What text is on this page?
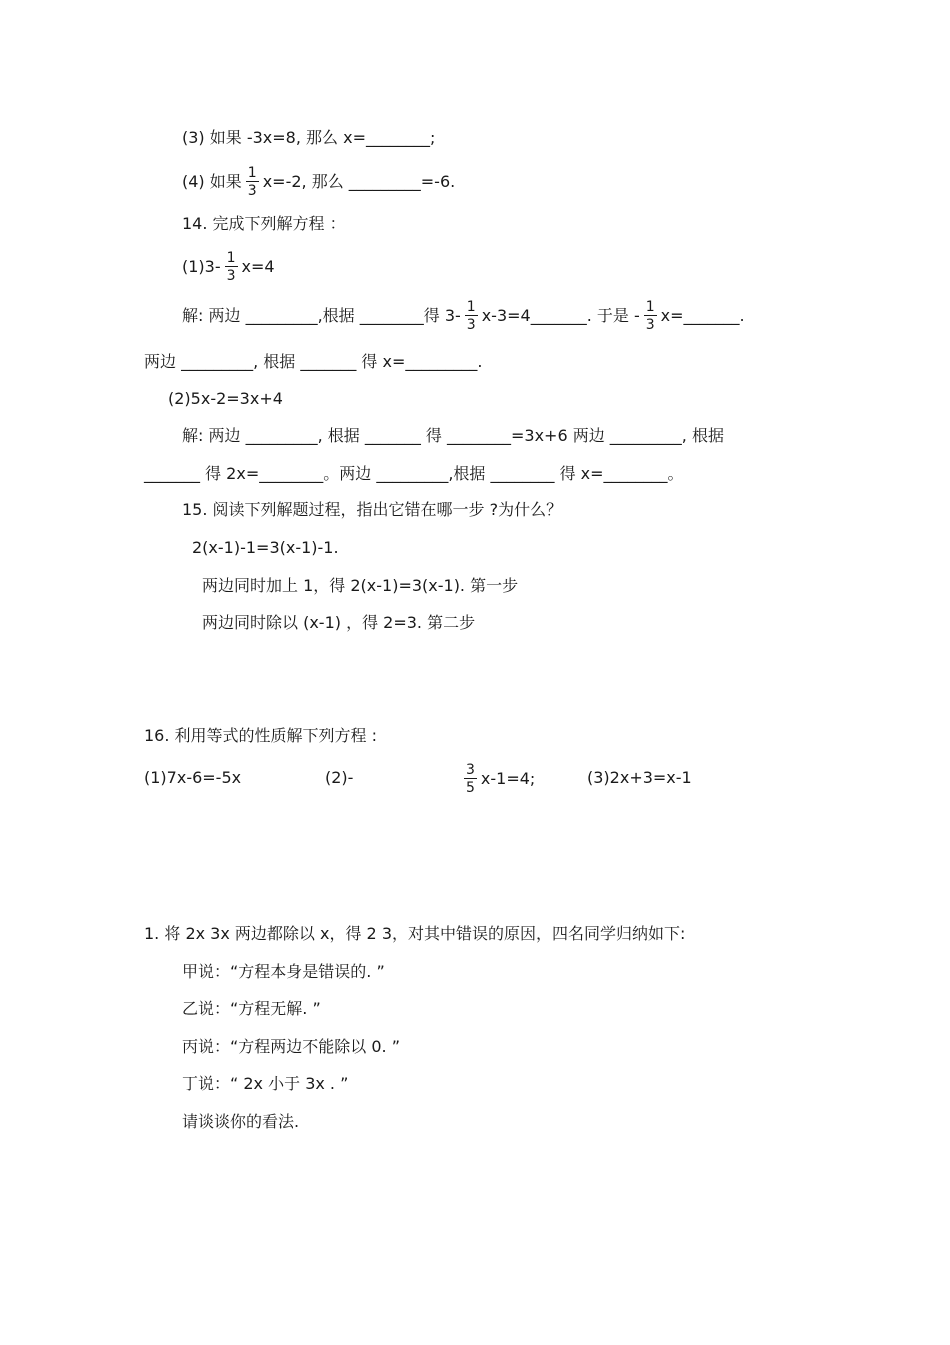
(3) 如果 -3x=8, 那么 x=________;
(4) 如果 $\frac{1}{3} x=-2$, 那么 _________=-6.
14. 完成下列解方程 ：
$(1)3- \frac{1}{3} x=4$
解: 两边 _________,根据 ________得 $3- \frac{1}{3}$ x-3=4_______. 于是 - $\frac{1}{3}$ x=_______.
两边 _________, 根据 _______ 得 x=_________.
(2)5x-2=3x+4
解: 两边 _________, 根据 _______ 得 ________=3x+6 两边 _________, 根据
_______ 得 2x=________。两边 _________,根据 ________ 得 x=________。
15. 阅读下列解题过程，指出它错在哪一步 ?为什么？
2(x-1)-1=3(x-1)-1.
两边同时加上 1，得 2(x-1)=3(x-1). 第一步
两边同时除以 (x-1) ，得 2=3. 第二步
16. 利用等式的性质解下列方程 :
(1)7x-6=-5x	(2)-	$\frac{3}{5} x-1=4$;	(3)2x+3=x-1
1. 将 2x 3x 两边都除以 x，得 2 3，对其中错误的原因，四名同学归纳如下:
甲说：“方程本身是错误的. ”
乙说：“方程无解. ”
丙说：“方程两边不能除以 0. ”
丁说：“ 2x 小于 3x . ”
请谈谈你的看法.
